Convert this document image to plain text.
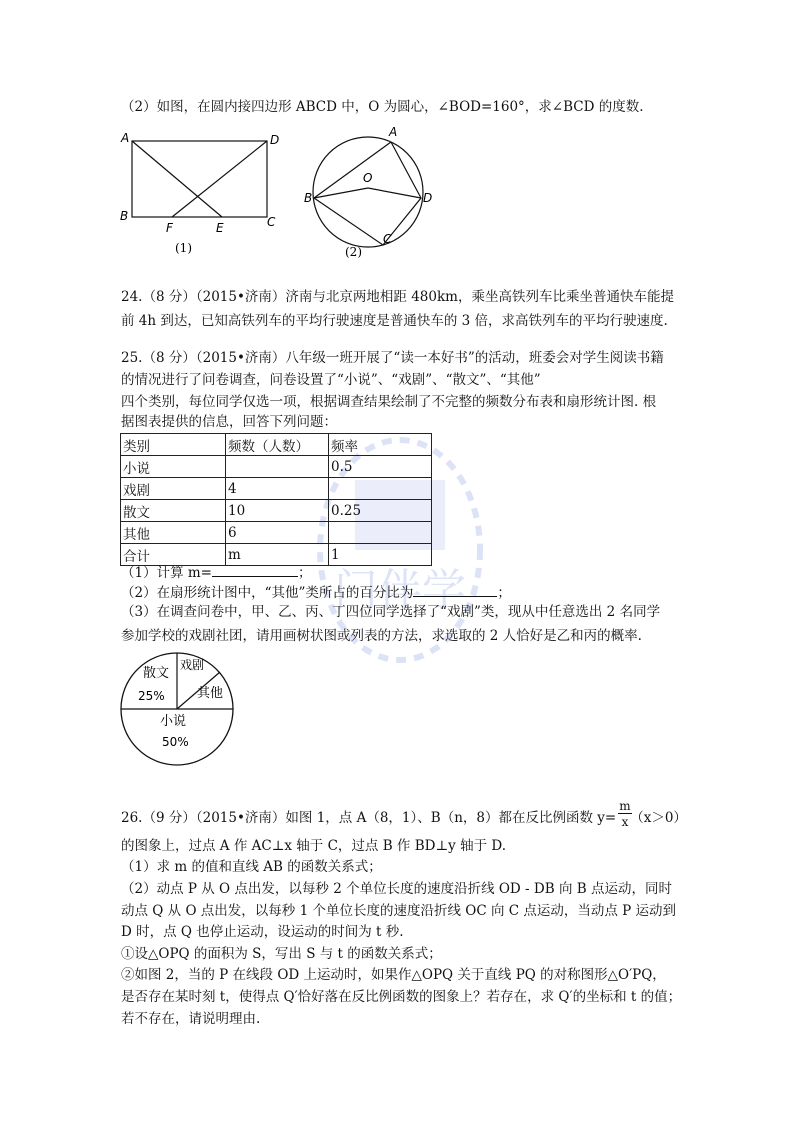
门伴学
（2）如图，在圆内接四边形 ABCD 中，O 为圆心，∠BOD=160°，求∠BCD 的度数.
A	D
B
F	E	C
(1)
A
O
B	D
C
(2)
24.（8 分）（2015•济南）济南与北京两地相距 480km，乘坐高铁列车比乘坐普通快车能提
前 4h 到达，已知高铁列车的平均行驶速度是普通快车的 3 倍，求高铁列车的平均行驶速度.
25.（8 分）（2015•济南）八年级一班开展了“读一本好书”的活动，班委会对学生阅读书籍
的情况进行了问卷调查，问卷设置了“小说”、“戏剧”、“散文”、“其他”
四个类别，每位同学仅选一项，根据调查结果绘制了不完整的频数分布表和扇形统计图. 根
据图表提供的信息，回答下列问题：
类别	频数（人数）	频率
小说		0.5
戏剧	4	
散文	10	0.25
其他	6	
合计	m	1
（1）计算 m=	；
（2）在扇形统计图中，“其他”类所占的百分比为	；
（3）在调查问卷中，甲、乙、丙、丁四位同学选择了“戏剧”类，现从中任意选出 2 名同学
参加学校的戏剧社团，请用画树状图或列表的方法，求选取的 2 人恰好是乙和丙的概率.
散文
25%
戏剧
其他
小说
50%
26.（9 分）（2015•济南）如图 1，点 A（8，1）、B（n，8）都在反比例函数 y= （x＞0）
$\frac{m}{x}$
的图象上，过点 A 作 AC⊥x 轴于 C，过点 B 作 BD⊥y 轴于 D.
（1）求 m 的值和直线 AB 的函数关系式；
（2）动点 P 从 O 点出发，以每秒 2 个单位长度的速度沿折线 OD - DB 向 B 点运动，同时
动点 Q 从 O 点出发，以每秒 1 个单位长度的速度沿折线 OC 向 C 点运动，当动点 P 运动到
D 时，点 Q 也停止运动，设运动的时间为 t 秒.
①设△OPQ 的面积为 S，写出 S 与 t 的函数关系式；
②如图 2，当的 P 在线段 OD 上运动时，如果作△OPQ 关于直线 PQ 的对称图形△O′PQ，
是否存在某时刻 t，使得点 Q′恰好落在反比例函数的图象上？若存在，求 Q′的坐标和 t 的值；
若不存在，请说明理由.
